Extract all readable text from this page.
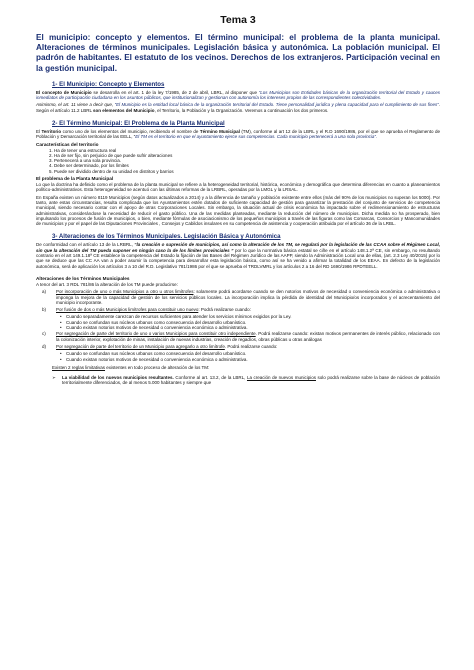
Tema 3
El municipio: concepto y elementos. El término municipal: el problema de la planta municipal. Alteraciones de términos municipales. Legislación básica y autonómica. La población municipal. El padrón de habitantes. El estatuto de los vecinos. Derechos de los extranjeros. Participación vecinal en la gestión municipal.
1- El Municipio: Concepto y Elementos

El concepto de Municipio se desarrolla en el art. 1 de la ley 7/1985, de 2 de abril, LBRL, al disponer que “Los Municipios son Entidades básicas de la organización territorial del Estado y cauces inmediatos de participación ciudadana en los asuntos públicos, que institucionalizan y gestionan con autonomía los intereses propios de las correspondientes colectividades.

Asimismo, el art. 11 viene a decir que, “El Municipio es la entidad local básica de la organización territorial del Estado. Tiene personalidad jurídica y plena capacidad para el cumplimiento de sus fines”. Según el artículo 11.2 LBRL son elementos del Municipio, el Territorio, la Población y la Organización. Veremos a continuación los dos primeros.

2- El Término Municipal: El Problema de la Planta Municipal

El Territorio como uno de los elementos del municipio, recibiendo el nombre de Término Municipal (TM), conforme al art 12 de la LBRL y el R.D 1690/1986, por el que se aprueba el Reglamento de Población y Demarcación territorial de las EELL, “El TM es el territorio en que el ayuntamiento ejerce sus competencias. Cada municipio pertenecerá a una sola provincia”.

Características del territorio
1. Ha de tener una estructura real
2. Ha de ser fijo, sin perjuicio de que puede sufrir alteraciones
3. Pertenecerá a una sola provincia.
4. Debe ser determinado, por los límites
5. Puede ser dividido dentro de su unidad en distritos y barrios
El problema de la Planta Municipal

Lo que la doctrina ha definido como el problema de la planta municipal se refiere a la heterogeneidad territorial, histórica, económica y demográfica que determina diferencias en cuanto a planeamientos político-administrativos. Esta heterogeneidad se acentuó con las últimas reformas de la LRBRL, operadas por la LMGL y la LRSAL.

En España existen un número 8119 Municipios (según datos actualizados a 2014) y a la diferencia de tamaño y población existente entre ellos (más del 90% de los municipios no superan los 5000). Por tanto, ante estas circunstancias, resulta complicada que los Ayuntamientos estén dotados de suficiente capacidad de gestión para garantizar la prestación del conjunto de servicios de competencia municipal, siendo necesario contar con el apoyo de otras Corporaciones Locales. Sin embargo, la situación actual de crisis económica ha impactado sobre el redimensionamiento de estructuras administrativas, considerándose la necesidad de reducir el gasto público. Una de las medidas planteadas, mediante la reducción del número de municipios. Dicha medida no ha prosperado, bien impulsando los procesos de fusión de municipios, o bien, mediante fórmulas de asociacionismo de los pequeños municipios a través de las figuras como las Comarcas, Consorcios y Mancomunidades de municipios y por el papel de las Diputaciones Provinciales , Consejos y Cabildos insulares en su competencia de asistencia y cooperación atribuida por el artículo 36 de la LRBL.

3- Alteraciones de los Términos Municipales. Legislación Básica y Autonómica

De conformidad con el artículo 13 de la LRBRL, “la creación o supresión de municipios, así como la alteración de los TM, se regulará por la legislación de las CCAA sobre el Régimen Local, sin que la alteración del TM pueda suponer en ningún caso la de los límites provinciales ” por lo que la normativa básica estatal se ciñe en el artículo 148.1.2ª CE, sin embargo, no resultando contrario en el art 149.1.18ª CE establece la competencia del Estado la fijación de las Bases del Régimen Jurídico de las AAPP, siendo la Administración Local una de ellas, (art. 2.3 Ley 40/2015) por lo que se deduce que las CC AA van a poder asumir la competencia para desarrollar esta legislación básica, como así se ha venido a afirmar la totalidad de los EEAA. En defecto de la legislación autonómica, será de aplicación los artículos 3 a 10 del R.D. Legislativo 781/1986 por el que se aprueba el TRDLVMRL y los artículos 2 a 16 del RD 1690/1986 RPDTEELL.

Alteraciones de los Términos Municipales

A tenor del art. 3 RDL 781/86 la alteración de los TM puede producirse:

a)	Por incorporación de uno o más Municipios a otro u otros limítrofes: solamente podrá acordarse cuando se den notorios motivos de necesidad o conveniencia económica o administrativa o imponga la mejora de la capacidad de gestión de los servicios públicos locales. La incorporación implica la pérdida de identidad del Municipio/os incorporados y el acrecentamiento del municipio incorporante.
b)	Por fusión de dos o más Municipios limítrofes para constituir uno nuevo: Podrá realizarse cuando:
• Cuando separadamente carezcan de recursos suficientes para atender los servicios mínimos exigidos por la Ley.
• Cuando se confundan sus núcleos urbanos como consecuencia del desarrollo urbanístico.
• Cuando existan notorios motivos de necesidad o conveniencia económica o administrativa.
c)	Por segregación de parte del territorio de uno o varios Municipios para constituir otro independiente. Podrá realizarse cuando: existan motivos permanentes de interés público, relacionado con la colonización interior, explotación de minas, instalación de nuevas industrias, creación de regadíos, obras públicas u otras análogas
d)	Por segregación de parte del territorio de un Municipio para agregarlo a otro limítrofe. Podrá realizarse cuando:
• Cuando se confundan sus núcleos urbanos como consecuencia del desarrollo urbanístico.
• Cuando existan notorios motivos de necesidad o conveniencia económica o administrativa.

Existen 2 reglas limitativas existentes en todo proceso de alteración de los TM:

➢	La viabilidad de los nuevos municipios resultantes. Conforme al art. 13.2, de la LBRL, La creación de nuevos municipios solo podrá realizarse sobre la base de núcleos de población territorialmente diferenciados, de al menos 5.000 habitantes y siempre que
